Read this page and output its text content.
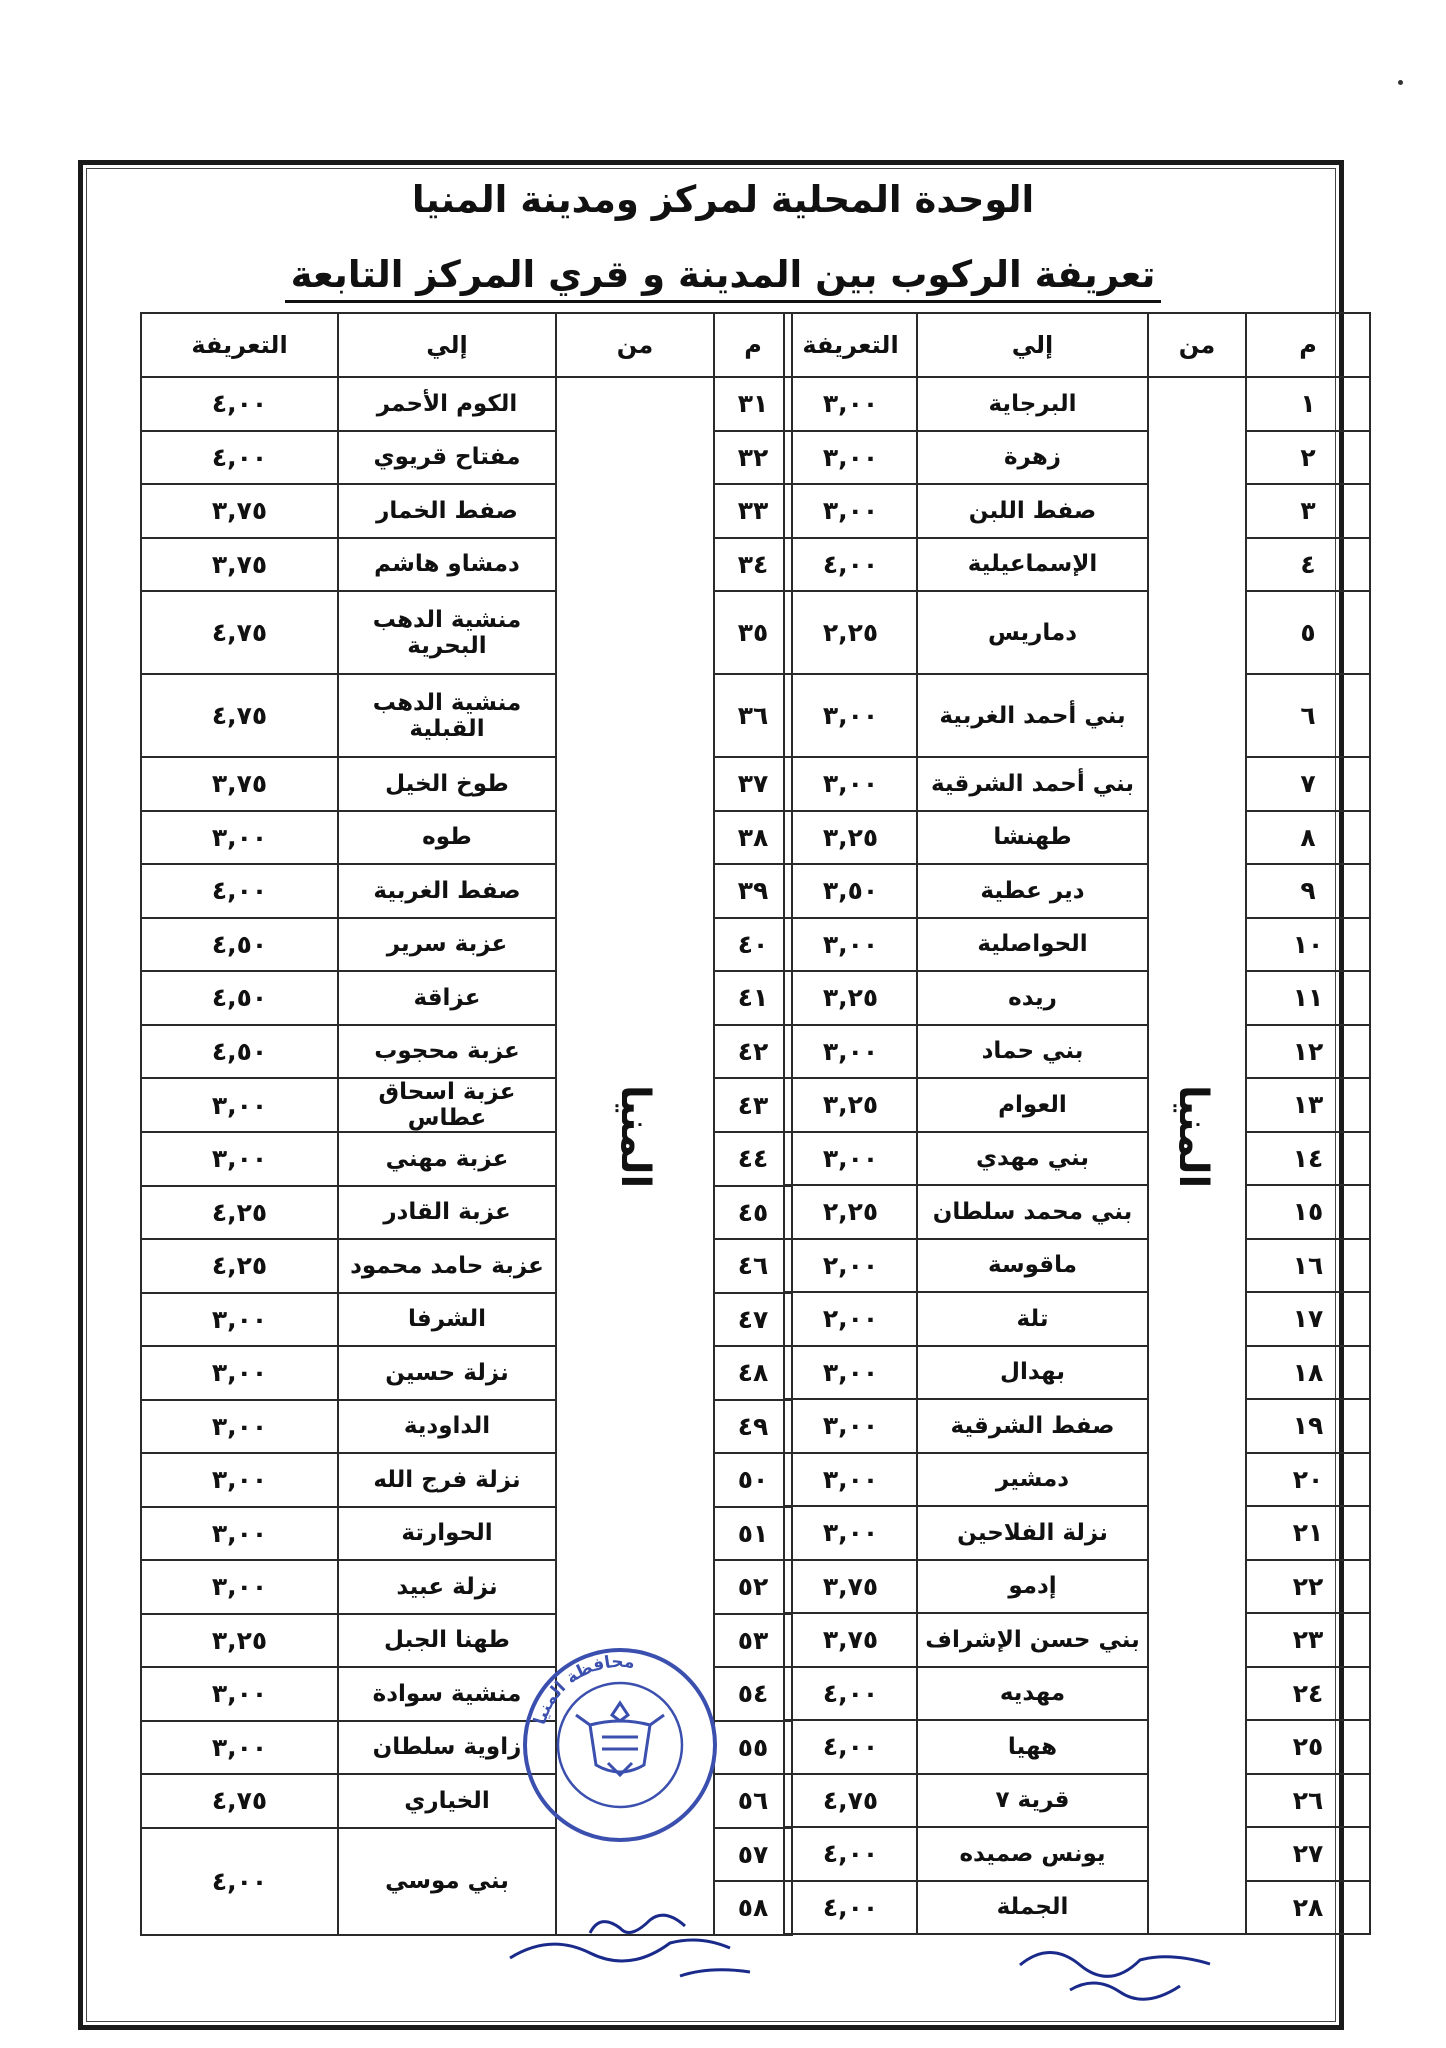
الوحدة المحلية لمركز ومدينة المنيا
تعريفة الركوب بين المدينة و قري المركز التابعة
التعريفة	إلي	من	م
٤,٠٠	الكوم الأحمر		٣١
٤,٠٠	مفتاح قريوي		٣٢
٣,٧٥	صفط الخمار		٣٣
٣,٧٥	دمشاو هاشم		٣٤
٤,٧٥	منشية الدهب البحرية		٣٥
٤,٧٥	منشية الدهب القبلية		٣٦
٣,٧٥	طوخ الخيل		٣٧
٣,٠٠	طوه		٣٨
٤,٠٠	صفط الغربية		٣٩
٤,٥٠	عزبة سرير		٤٠
٤,٥٠	عزاقة		٤١
٤,٥٠	عزبة محجوب		٤٢
٣,٠٠	عزبة اسحاق عطاس		٤٣
٣,٠٠	عزبة مهني		٤٤
٤,٢٥	عزبة القادر		٤٥
٤,٢٥	عزبة حامد محمود		٤٦
٣,٠٠	الشرفا		٤٧
٣,٠٠	نزلة حسين		٤٨
٣,٠٠	الداودية		٤٩
٣,٠٠	نزلة فرج الله		٥٠
٣,٠٠	الحوارتة		٥١
٣,٠٠	نزلة عبيد		٥٢
٣,٢٥	طهنا الجبل		٥٣
٣,٠٠	منشية سوادة		٥٤
٣,٠٠	زاوية سلطان		٥٥
٤,٧٥	الخياري		٥٦
٤,٠٠	بني موسي		٥٧
			٥٨
التعريفة	إلي	من	م
٣,٠٠	البرجاية		١
٣,٠٠	زهرة		٢
٣,٠٠	صفط اللبن		٣
٤,٠٠	الإسماعيلية		٤
٢,٢٥	دماريس		٥
٣,٠٠	بني أحمد الغربية		٦
٣,٠٠	بني أحمد الشرقية		٧
٣,٢٥	طهنشا		٨
٣,٥٠	دير عطية		٩
٣,٠٠	الحواصلية		١٠
٣,٢٥	ريده		١١
٣,٠٠	بني حماد		١٢
٣,٢٥	العوام		١٣
٣,٠٠	بني مهدي		١٤
٢,٢٥	بني محمد سلطان		١٥
٢,٠٠	ماقوسة		١٦
٢,٠٠	تلة		١٧
٣,٠٠	بهدال		١٨
٣,٠٠	صفط الشرقية		١٩
٣,٠٠	دمشير		٢٠
٣,٠٠	نزلة الفلاحين		٢١
٣,٧٥	إدمو		٢٢
٣,٧٥	بني حسن الإشراف		٢٣
٤,٠٠	مهديه		٢٤
٤,٠٠	ههيا		٢٥
٤,٧٥	قرية ٧		٢٦
٤,٠٠	يونس صميده		٢٧
٤,٠٠	الجملة		٢٨
المنيا	المنيا
محافظة المنيا
